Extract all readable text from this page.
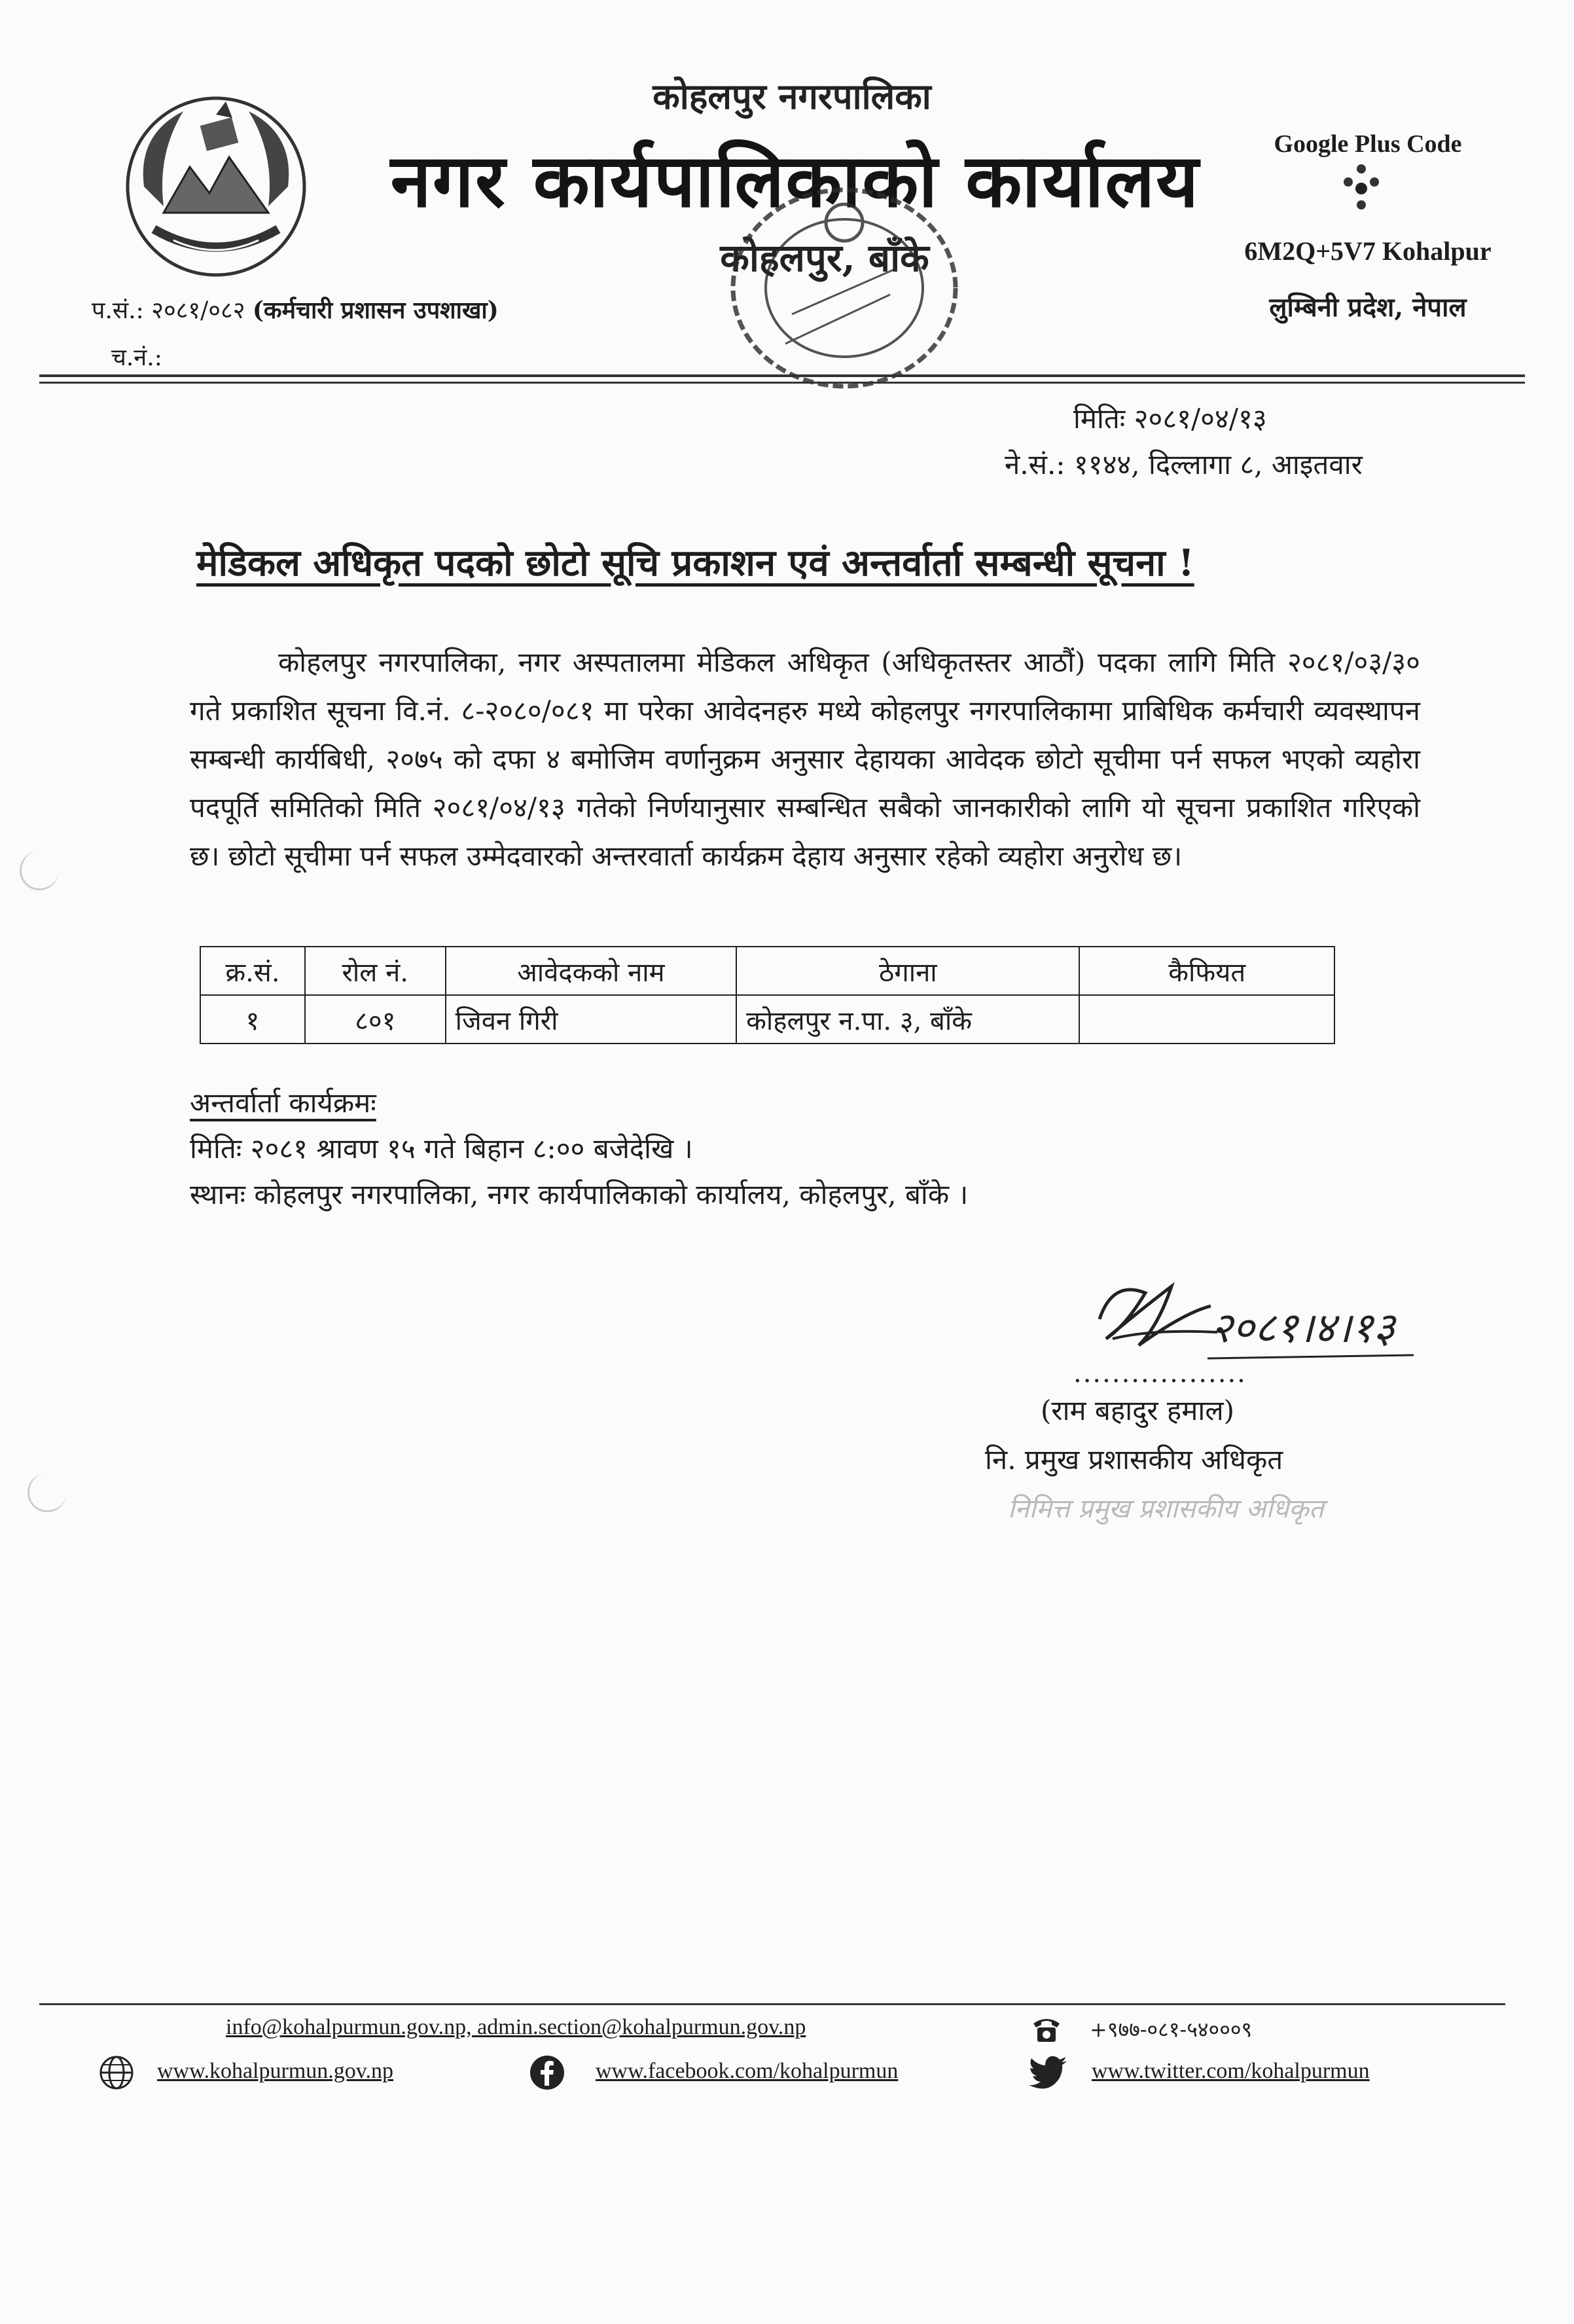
कोहलपुर नगरपालिका
नगर कार्यपालिकाको कार्यालय
कोहलपुर, बाँके
Google Plus Code
6M2Q+5V7 Kohalpur
लुम्बिनी प्रदेश, नेपाल
प.सं.: २०८१/०८२ (कर्मचारी प्रशासन उपशाखा)
च.नं.:
मितिः २०८१/०४/१३
ने.सं.: ११४४, दिल्लागा ८, आइतवार
मेडिकल अधिकृत पदको छोटो सूचि प्रकाशन एवं अन्तर्वार्ता सम्बन्धी सूचना !

कोहलपुर नगरपालिका, नगर अस्पतालमा मेडिकल अधिकृत (अधिकृतस्तर आठौं) पदका लागि मिति २०८१/०३/३० गते प्रकाशित सूचना वि.नं. ८-२०८०/०८१ मा परेका आवेदनहरु मध्ये कोहलपुर नगरपालिकामा प्राबिधिक कर्मचारी व्यवस्थापन सम्बन्धी कार्यबिधी, २०७५ को दफा ४ बमोजिम वर्णानुक्रम अनुसार देहायका आवेदक छोटो सूचीमा पर्न सफल भएको व्यहोरा पदपूर्ति समितिको मिति २०८१/०४/१३ गतेको निर्णयानुसार सम्बन्धित सबैको जानकारीको लागि यो सूचना प्रकाशित गरिएको छ। छोटो सूचीमा पर्न सफल उम्मेदवारको अन्तरवार्ता कार्यक्रम देहाय अनुसार रहेको व्यहोरा अनुरोध छ।

क्र.सं.	रोल नं.	आवेदकको नाम	ठेगाना	कैफियत
१	८०१	जिवन गिरी	कोहलपुर न.पा. ३, बाँके	
अन्तर्वार्ता कार्यक्रमः
मितिः २०८१ श्रावण १५ गते बिहान ८:०० बजेदेखि ।
स्थानः कोहलपुर नगरपालिका, नगर कार्यपालिकाको कार्यालय, कोहलपुर, बाँके ।
२०८१।४।१३
..................
(राम बहादुर हमाल)
नि. प्रमुख प्रशासकीय अधिकृत
निमित्त प्रमुख प्रशासकीय अधिकृत
info@kohalpurmun.gov.np, admin.section@kohalpurmun.gov.np	+९७७-०८१-५४०००९
www.kohalpurmun.gov.np	www.facebook.com/kohalpurmun	www.twitter.com/kohalpurmun
